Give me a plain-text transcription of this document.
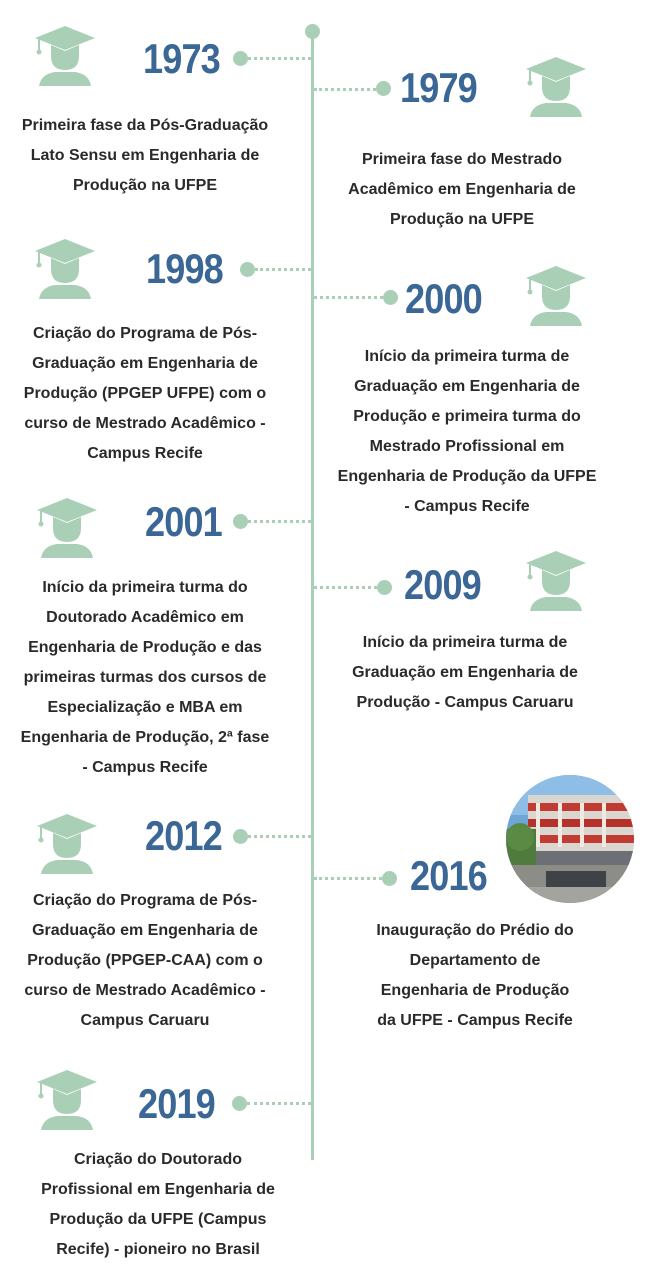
1973
Primeira fase da Pós-Graduação
Lato Sensu em Engenharia de
Produção na UFPE
1979
Primeira fase do Mestrado
Acadêmico em Engenharia de
Produção na UFPE
1998
Criação do Programa de Pós-
Graduação em Engenharia de
Produção (PPGEP UFPE) com o
curso de Mestrado Acadêmico -
Campus Recife
2000
Início da primeira turma de
Graduação em Engenharia de
Produção e primeira turma do
Mestrado Profissional em
Engenharia de Produção da UFPE
- Campus Recife
2001
Início da primeira turma do
Doutorado Acadêmico em
Engenharia de Produção e das
primeiras turmas dos cursos de
Especialização e MBA em
Engenharia de Produção, 2ª fase
- Campus Recife
2009
Início da primeira turma de
Graduação em Engenharia de
Produção - Campus Caruaru
2012
Criação do Programa de Pós-
Graduação em Engenharia de
Produção (PPGEP-CAA) com o
curso de Mestrado Acadêmico -
Campus Caruaru
2016
Inauguração do Prédio do
Departamento de
Engenharia de Produção
da UFPE - Campus Recife
2019
Criação do Doutorado
Profissional em Engenharia de
Produção da UFPE (Campus
Recife) - pioneiro no Brasil
